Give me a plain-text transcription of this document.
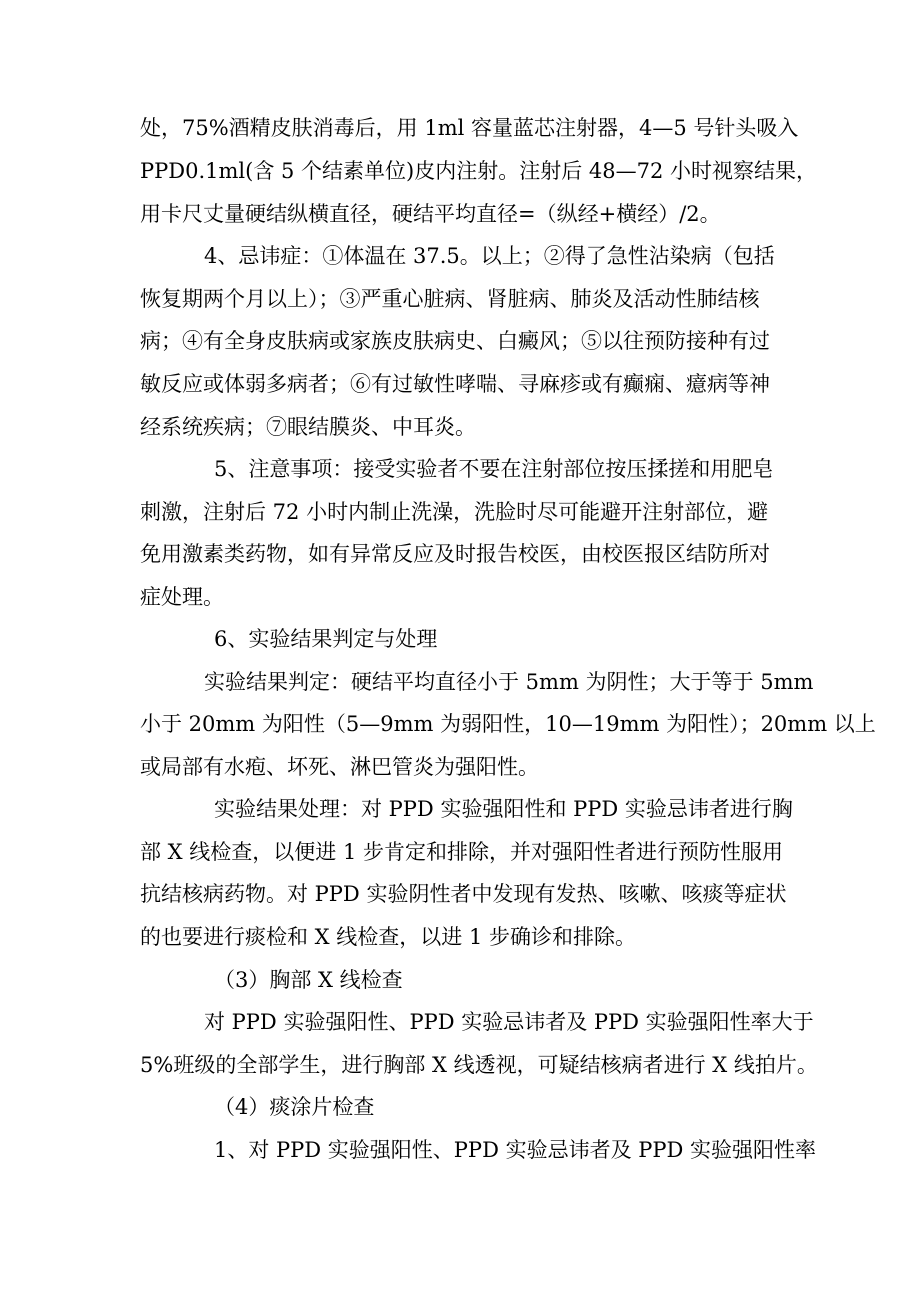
处，75%酒精皮肤消毒后，用 1ml 容量蓝芯注射器，4—5 号针头吸入
PPD0.1ml(含 5 个结素单位)皮内注射。注射后 48—72 小时视察结果，
用卡尺丈量硬结纵横直径，硬结平均直径=（纵经+横经）/2。
4、忌讳症：①体温在 37.5。以上；②得了急性沾染病（包括
恢复期两个月以上）；③严重心脏病、肾脏病、肺炎及活动性肺结核
病；④有全身皮肤病或家族皮肤病史、白癜风；⑤以往预防接种有过
敏反应或体弱多病者；⑥有过敏性哮喘、寻麻疹或有癫痫、癔病等神
经系统疾病；⑦眼结膜炎、中耳炎。
5、注意事项：接受实验者不要在注射部位按压揉搓和用肥皂
刺激，注射后 72 小时内制止洗澡，洗脸时尽可能避开注射部位，避
免用激素类药物，如有异常反应及时报告校医，由校医报区结防所对
症处理。
6、实验结果判定与处理
实验结果判定：硬结平均直径小于 5mm 为阴性；大于等于 5mm
小于 20mm 为阳性（5—9mm 为弱阳性，10—19mm 为阳性）；20mm 以上
或局部有水疱、坏死、淋巴管炎为强阳性。
实验结果处理：对 PPD 实验强阳性和 PPD 实验忌讳者进行胸
部 X 线检查，以便进 1 步肯定和排除，并对强阳性者进行预防性服用
抗结核病药物。对 PPD 实验阴性者中发现有发热、咳嗽、咳痰等症状
的也要进行痰检和 X 线检查，以进 1 步确诊和排除。
（3）胸部 X 线检查
对 PPD 实验强阳性、PPD 实验忌讳者及 PPD 实验强阳性率大于
5%班级的全部学生，进行胸部 X 线透视，可疑结核病者进行 X 线拍片。
（4）痰涂片检查
1、对 PPD 实验强阳性、PPD 实验忌讳者及 PPD 实验强阳性率
